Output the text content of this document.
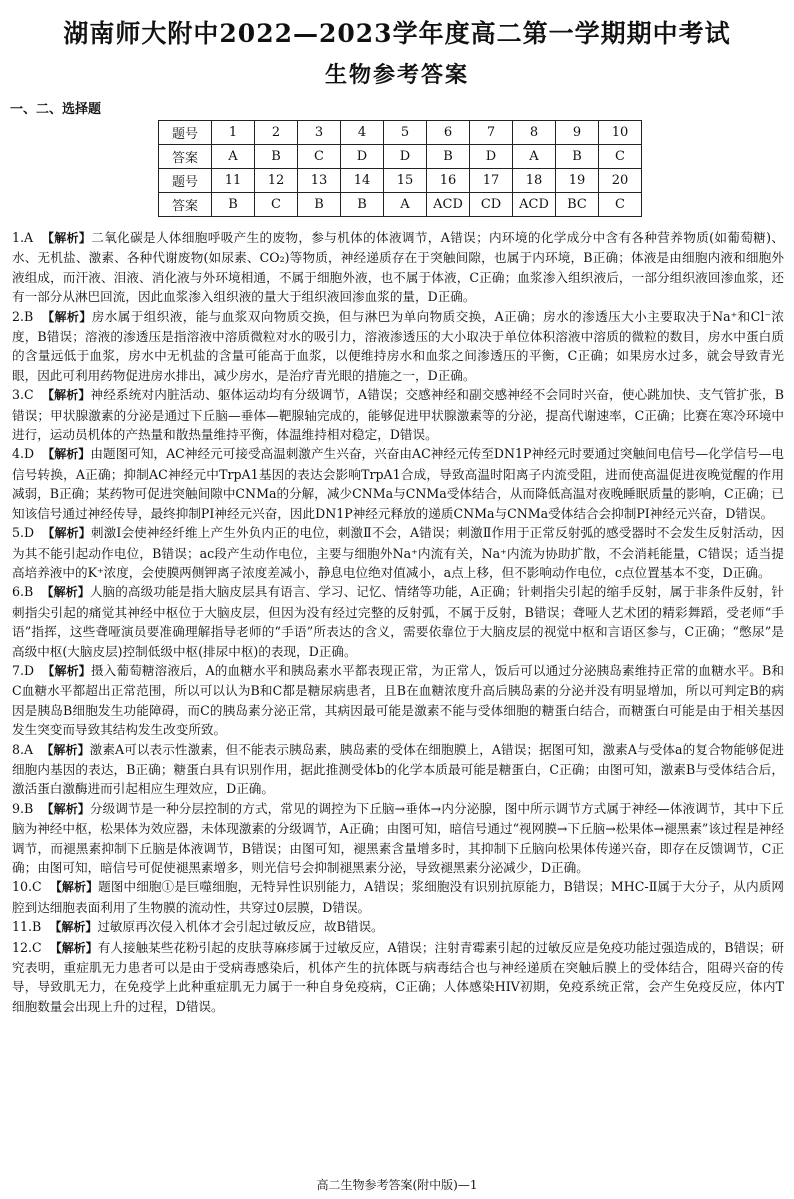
湖南师大附中2022—2023学年度高二第一学期期中考试
生物参考答案
一、二、选择题
题号	1	2	3	4	5	6	7	8	9	10
答案	A	B	C	D	D	B	D	A	B	C
题号	11	12	13	14	15	16	17	18	19	20
答案	B	C	B	B	A	ACD	CD	ACD	BC	C

1.A 【解析】二氧化碳是人体细胞呼吸产生的废物，参与机体的体液调节，A错误；内环境的化学成分中含有各种营养物质(如葡萄糖)、水、无机盐、激素、各种代谢废物(如尿素、CO₂)等物质，神经递质存在于突触间隙，也属于内环境，B正确；体液是由细胞内液和细胞外液组成，而汗液、泪液、消化液与外环境相通，不属于细胞外液，也不属于体液，C正确；血浆渗入组织液后，一部分组织液回渗血浆，还有一部分从淋巴回流，因此血浆渗入组织液的量大于组织液回渗血浆的量，D正确。

2.B 【解析】房水属于组织液，能与血浆双向物质交换，但与淋巴为单向物质交换，A正确；房水的渗透压大小主要取决于Na⁺和Cl⁻浓度，B错误；溶液的渗透压是指溶液中溶质微粒对水的吸引力，溶液渗透压的大小取决于单位体积溶液中溶质的微粒的数目，房水中蛋白质的含量远低于血浆，房水中无机盐的含量可能高于血浆，以便维持房水和血浆之间渗透压的平衡，C正确；如果房水过多，就会导致青光眼，因此可利用药物促进房水排出，减少房水，是治疗青光眼的措施之一，D正确。

3.C 【解析】神经系统对内脏活动、躯体运动均有分级调节，A错误；交感神经和副交感神经不会同时兴奋，使心跳加快、支气管扩张，B错误；甲状腺激素的分泌是通过下丘脑—垂体—靶腺轴完成的，能够促进甲状腺激素等的分泌，提高代谢速率，C正确；比赛在寒冷环境中进行，运动员机体的产热量和散热量维持平衡，体温维持相对稳定，D错误。

4.D 【解析】由题图可知，AC神经元可接受高温刺激产生兴奋，兴奋由AC神经元传至DN1P神经元时要通过突触间电信号—化学信号—电信号转换，A正确；抑制AC神经元中TrpA1基因的表达会影响TrpA1合成，导致高温时阳离子内流受阻，进而使高温促进夜晚觉醒的作用减弱，B正确；某药物可促进突触间隙中CNMa的分解，减少CNMa与CNMa受体结合，从而降低高温对夜晚睡眠质量的影响，C正确；已知该信号通过神经传导，最终抑制PI神经元兴奋，因此DN1P神经元释放的递质CNMa与CNMa受体结合会抑制PI神经元兴奋，D错误。

5.D 【解析】刺激Ⅰ会使神经纤维上产生外负内正的电位，刺激Ⅱ不会，A错误；刺激Ⅱ作用于正常反射弧的感受器时不会发生反射活动，因为其不能引起动作电位，B错误；ac段产生动作电位，主要与细胞外Na⁺内流有关，Na⁺内流为协助扩散，不会消耗能量，C错误；适当提高培养液中的K⁺浓度，会使膜两侧钾离子浓度差减小，静息电位绝对值减小，a点上移，但不影响动作电位，c点位置基本不变，D正确。

6.B 【解析】人脑的高级功能是指大脑皮层具有语言、学习、记忆、情绪等功能，A正确；针刺指尖引起的缩手反射，属于非条件反射，针刺指尖引起的痛觉其神经中枢位于大脑皮层，但因为没有经过完整的反射弧，不属于反射，B错误；聋哑人艺术团的精彩舞蹈，受老师“手语”指挥，这些聋哑演员要准确理解指导老师的“手语”所表达的含义，需要依靠位于大脑皮层的视觉中枢和言语区参与，C正确；“憋尿”是高级中枢(大脑皮层)控制低级中枢(排尿中枢)的表现，D正确。

7.D 【解析】摄入葡萄糖溶液后，A的血糖水平和胰岛素水平都表现正常，为正常人，饭后可以通过分泌胰岛素维持正常的血糖水平。B和C血糖水平都超出正常范围，所以可以认为B和C都是糖尿病患者，且B在血糖浓度升高后胰岛素的分泌并没有明显增加，所以可判定B的病因是胰岛B细胞发生功能障碍，而C的胰岛素分泌正常，其病因最可能是激素不能与受体细胞的糖蛋白结合，而糖蛋白可能是由于相关基因发生突变而导致其结构发生改变所致。

8.A 【解析】激素A可以表示性激素，但不能表示胰岛素，胰岛素的受体在细胞膜上，A错误；据图可知，激素A与受体a的复合物能够促进细胞内基因的表达，B正确；糖蛋白具有识别作用，据此推测受体b的化学本质最可能是糖蛋白，C正确；由图可知，激素B与受体结合后，激活蛋白激酶进而引起相应生理效应，D正确。

9.B 【解析】分级调节是一种分层控制的方式，常见的调控为下丘脑→垂体→内分泌腺，图中所示调节方式属于神经—体液调节，其中下丘脑为神经中枢，松果体为效应器，未体现激素的分级调节，A正确；由图可知，暗信号通过“视网膜→下丘脑→松果体→褪黑素”该过程是神经调节，而褪黑素抑制下丘脑是体液调节，B错误；由图可知，褪黑素含量增多时，其抑制下丘脑向松果体传递兴奋，即存在反馈调节，C正确；由图可知，暗信号可促使褪黑素增多，则光信号会抑制褪黑素分泌，导致褪黑素分泌减少，D正确。

10.C 【解析】题图中细胞①是巨噬细胞，无特异性识别能力，A错误；浆细胞没有识别抗原能力，B错误；MHC-Ⅱ属于大分子，从内质网腔到达细胞表面利用了生物膜的流动性，共穿过0层膜，D错误。

11.B 【解析】过敏原再次侵入机体才会引起过敏反应，故B错误。

12.C 【解析】有人接触某些花粉引起的皮肤荨麻疹属于过敏反应，A错误；注射青霉素引起的过敏反应是免疫功能过强造成的，B错误；研究表明，重症肌无力患者可以是由于受病毒感染后，机体产生的抗体既与病毒结合也与神经递质在突触后膜上的受体结合，阻碍兴奋的传导，导致肌无力，在免疫学上此种重症肌无力属于一种自身免疫病，C正确；人体感染HIV初期，免疫系统正常，会产生免疫反应，体内T细胞数量会出现上升的过程，D错误。

高二生物参考答案(附中版)—1
